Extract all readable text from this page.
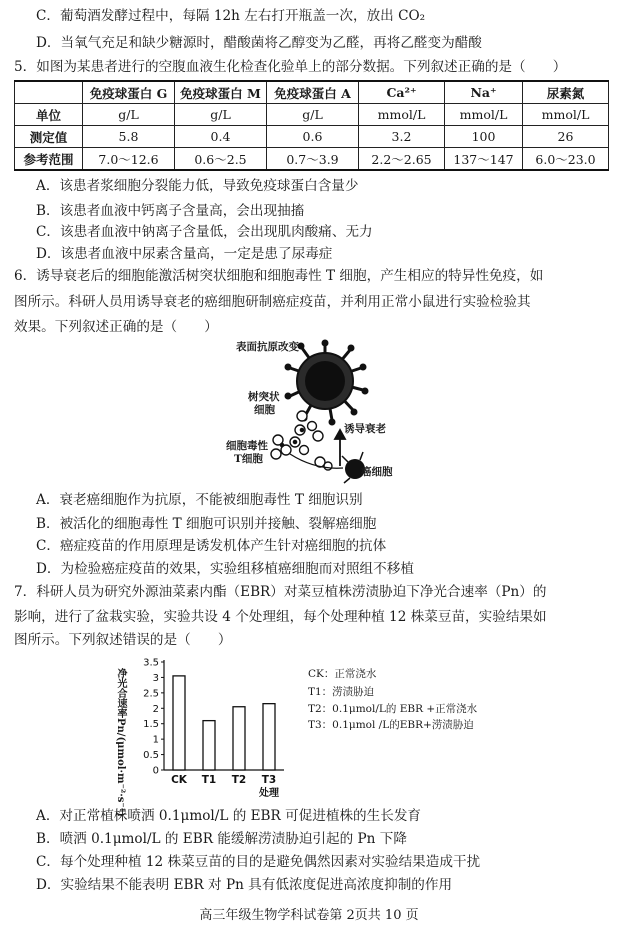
C．葡萄酒发酵过程中，每隔 12h 左右打开瓶盖一次，放出 CO₂
D．当氧气充足和缺少糖源时，醋酸菌将乙醇变为乙醛，再将乙醛变为醋酸
5．如图为某患者进行的空腹血液生化检查化验单上的部分数据。下列叙述正确的是（　　）
	免疫球蛋白 G	免疫球蛋白 M	免疫球蛋白 A	Ca²⁺	Na⁺	尿素氮
单位	g/L	g/L	g/L	mmol/L	mmol/L	mmol/L
测定值	5.8	0.4	0.6	3.2	100	26
参考范围	7.0～12.6	0.6～2.5	0.7～3.9	2.2～2.65	137～147	6.0～23.0
A．该患者浆细胞分裂能力低，导致免疫球蛋白含量少
B．该患者血液中钙离子含量高，会出现抽搐
C．该患者血液中钠离子含量低，会出现肌肉酸痛、无力
D．该患者血液中尿素含量高，一定是患了尿毒症
6．诱导衰老后的细胞能激活树突状细胞和细胞毒性 T 细胞，产生相应的特异性免疫，如
图所示。科研人员用诱导衰老的癌细胞研制癌症疫苗，并利用正常小鼠进行实验检验其
效果。下列叙述正确的是（　　）
表面抗原改变
树突状
细胞
细胞毒性
T细胞
诱导衰老
癌细胞
A．衰老癌细胞作为抗原，不能被细胞毒性 T 细胞识别
B．被活化的细胞毒性 T 细胞可识别并接触、裂解癌细胞
C．癌症疫苗的作用原理是诱发机体产生针对癌细胞的抗体
D．为检验癌症疫苗的效果，实验组移植癌细胞而对照组不移植
7．科研人员为研究外源油菜素内酯（EBR）对菜豆植株涝渍胁迫下净光合速率（Pn）的
影响，进行了盆栽实验，实验共设 4 个处理组，每个处理种植 12 株菜豆苗，实验结果如
图所示。下列叙述错误的是（　　）
净光合速率Pn/(μmol·m⁻²·s⁻¹)	0
0.5
1
1.5
2
2.5
3
3.5
CK T1 T2 T3
处理
CK：正常浇水
T1：涝渍胁迫
T2：0.1μmol/L的 EBR +正常浇水
T3：0.1μmol /L的EBR+涝渍胁迫
A．对正常植株喷洒 0.1μmol/L 的 EBR 可促进植株的生长发育
B．喷洒 0.1μmol/L 的 EBR 能缓解涝渍胁迫引起的 Pn 下降
C．每个处理种植 12 株菜豆苗的目的是避免偶然因素对实验结果造成干扰
D．实验结果不能表明 EBR 对 Pn 具有低浓度促进高浓度抑制的作用
高三年级生物学科试卷第 2页共 10 页
